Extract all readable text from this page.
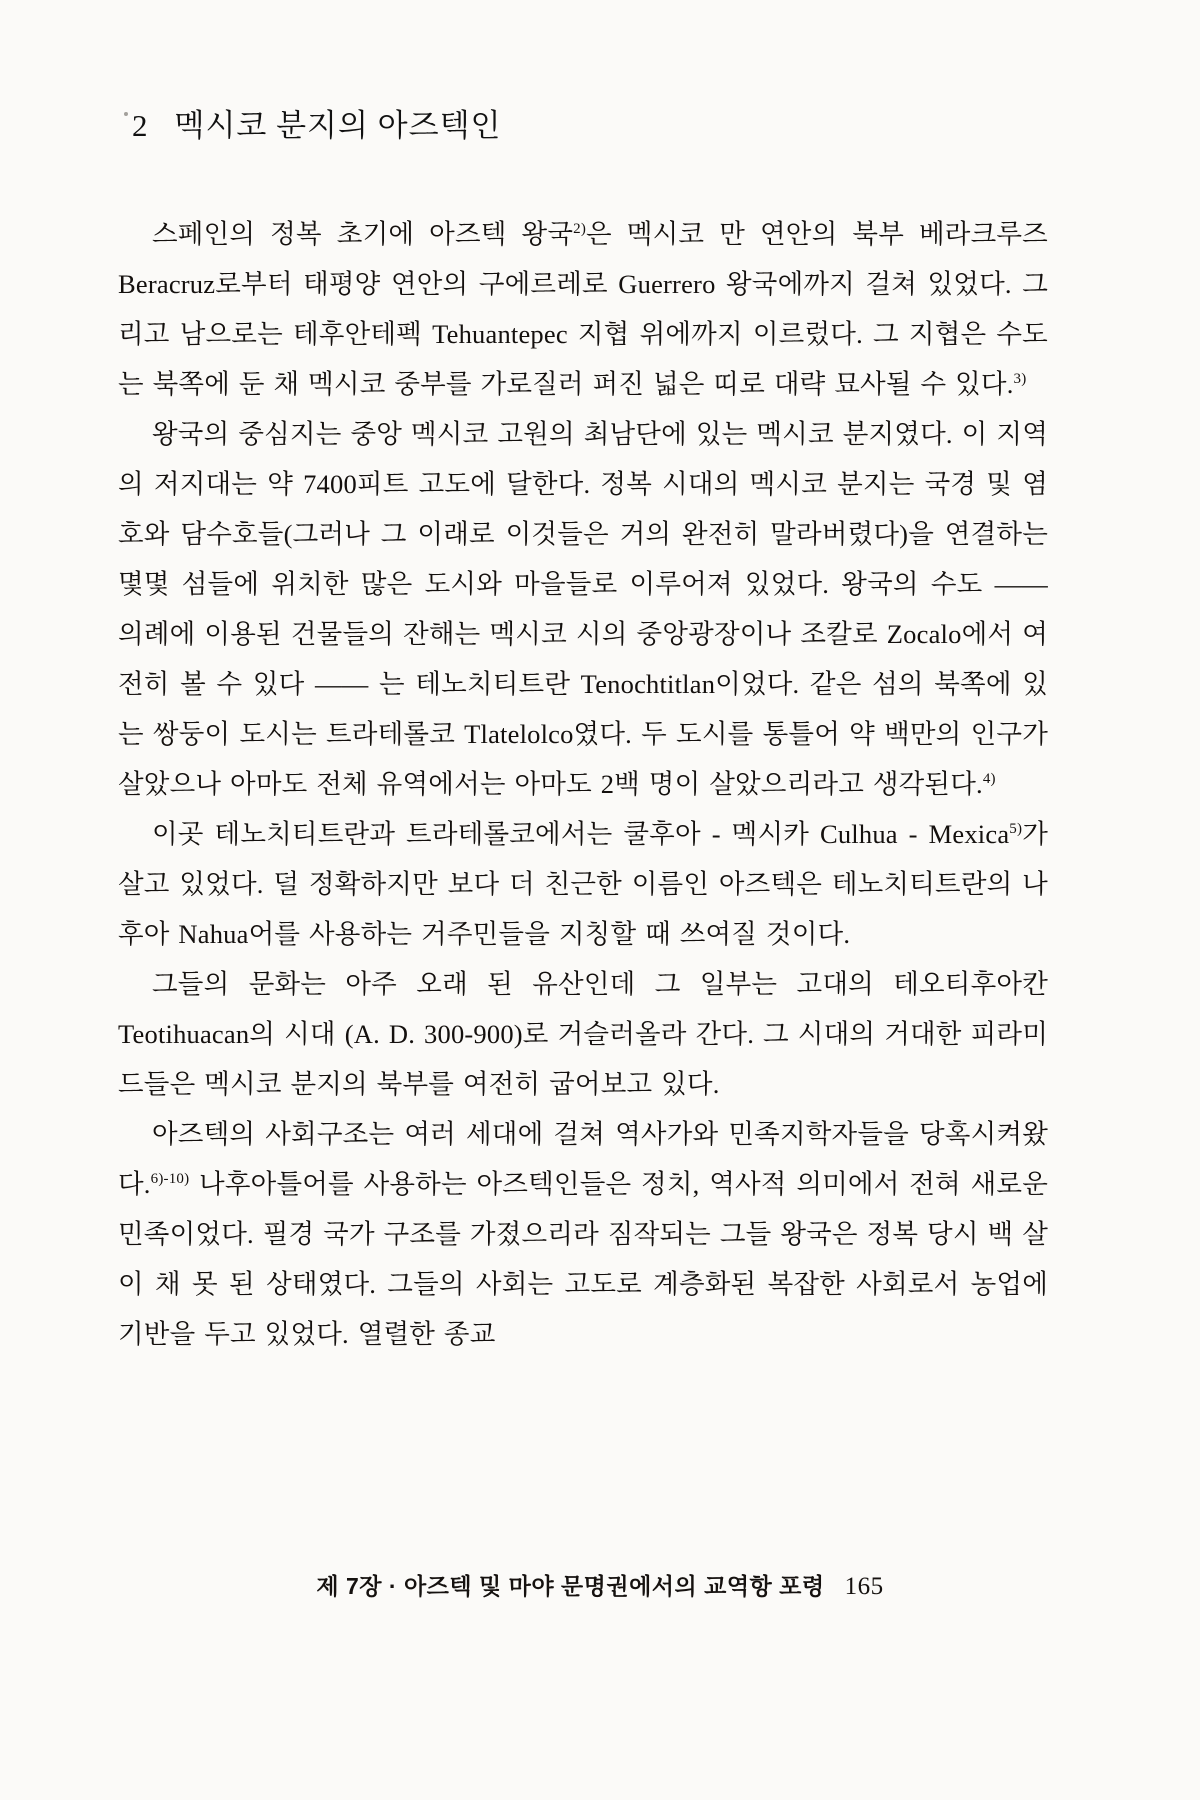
2 멕시코 분지의 아즈텍인

스페인의 정복 초기에 아즈텍 왕국$^{2)}$은 멕시코 만 연안의 북부 베라크루즈 Beracruz로부터 태평양 연안의 구에르레로 Guerrero 왕국에까지 걸쳐 있었다. 그리고 남으로는 테후안테펙 Tehuantepec 지협 위에까지 이르렀다. 그 지협은 수도는 북쪽에 둔 채 멕시코 중부를 가로질러 퍼진 넓은 띠로 대략 묘사될 수 있다.$^{3)}$

왕국의 중심지는 중앙 멕시코 고원의 최남단에 있는 멕시코 분지였다. 이 지역의 저지대는 약 7400피트 고도에 달한다. 정복 시대의 멕시코 분지는 국경 및 염호와 담수호들(그러나 그 이래로 이것들은 거의 완전히 말라버렸다)을 연결하는 몇몇 섬들에 위치한 많은 도시와 마을들로 이루어져 있었다. 왕국의 수도 —— 의례에 이용된 건물들의 잔해는 멕시코 시의 중앙광장이나 조칼로 Zocalo에서 여전히 볼 수 있다 —— 는 테노치티트란 Tenochtitlan이었다. 같은 섬의 북쪽에 있는 쌍둥이 도시는 트라테롤코 Tlatelolco였다. 두 도시를 통틀어 약 백만의 인구가 살았으나 아마도 전체 유역에서는 아마도 2백 명이 살았으리라고 생각된다.$^{4)}$

이곳 테노치티트란과 트라테롤코에서는 쿨후아 - 멕시카 Culhua - Mexica$^{5)}$가 살고 있었다. 덜 정확하지만 보다 더 친근한 이름인 아즈텍은 테노치티트란의 나후아 Nahua어를 사용하는 거주민들을 지칭할 때 쓰여질 것이다.

그들의 문화는 아주 오래 된 유산인데 그 일부는 고대의 테오티후아칸Teotihuacan의 시대 (A. D. 300-900)로 거슬러올라 간다. 그 시대의 거대한 피라미드들은 멕시코 분지의 북부를 여전히 굽어보고 있다.

아즈텍의 사회구조는 여러 세대에 걸쳐 역사가와 민족지학자들을 당혹시켜왔다.$^{6)-10)}$ 나후아틀어를 사용하는 아즈텍인들은 정치, 역사적 의미에서 전혀 새로운 민족이었다. 필경 국가 구조를 가졌으리라 짐작되는 그들 왕국은 정복 당시 백 살이 채 못 된 상태였다. 그들의 사회는 고도로 계층화된 복잡한 사회로서 농업에 기반을 두고 있었다. 열렬한 종교

제 7장 · 아즈텍 및 마야 문명권에서의 교역항 포령 165
